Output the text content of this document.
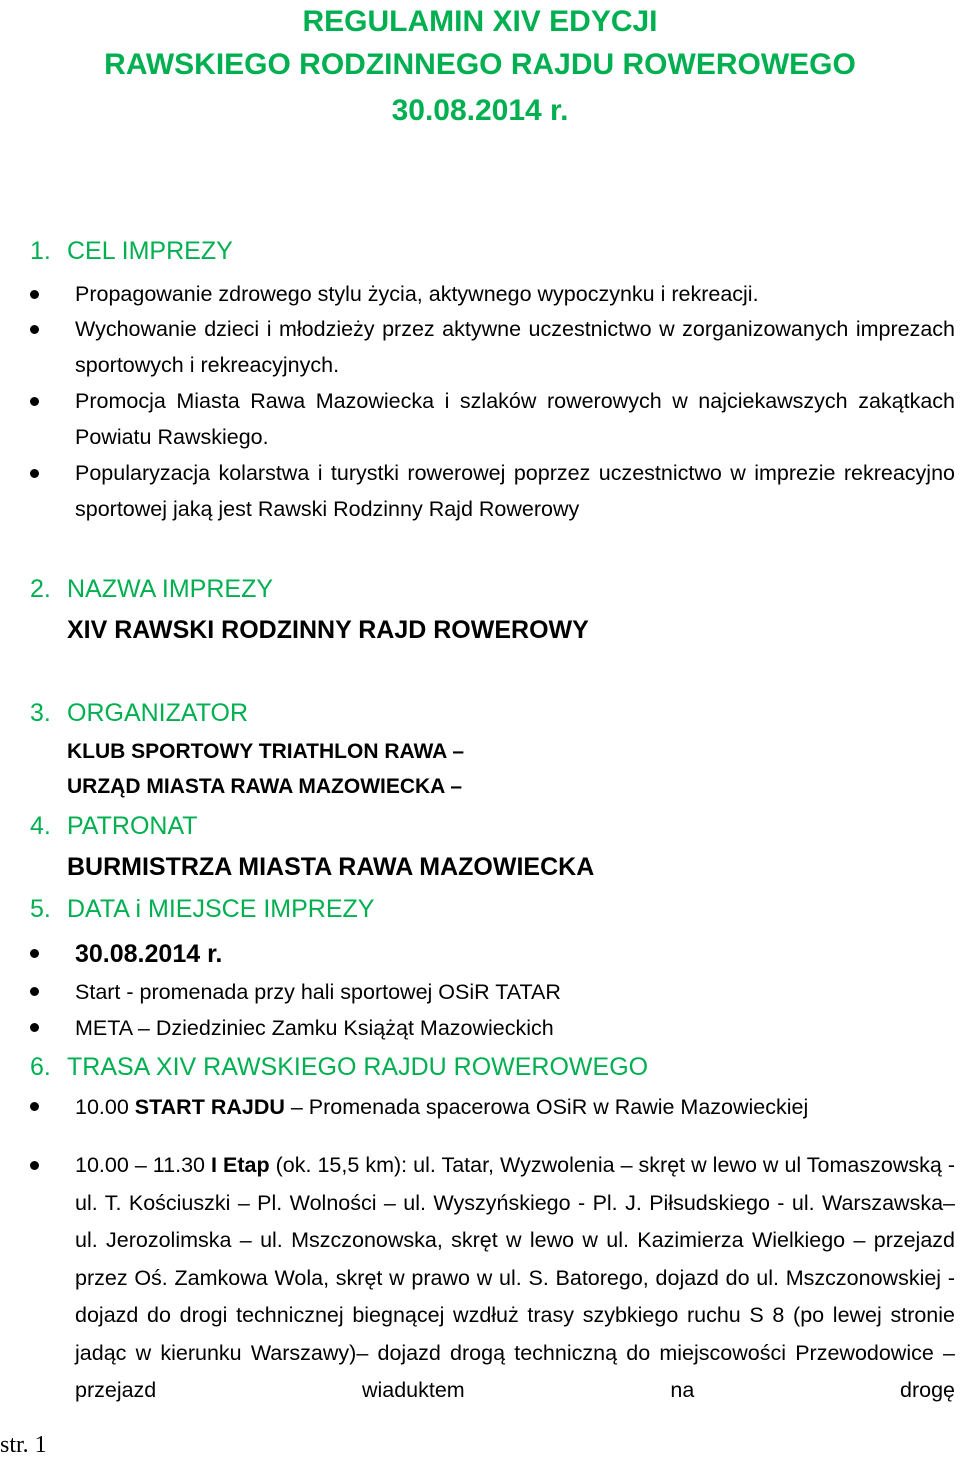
REGULAMIN XIV EDYCJI
RAWSKIEGO RODZINNEGO RAJDU ROWEROWEGO
30.08.2014 r.
1. CEL IMPREZY
Propagowanie zdrowego stylu życia, aktywnego wypoczynku i rekreacji.
Wychowanie dzieci i młodzieży przez aktywne uczestnictwo w zorganizowanych imprezach sportowych i rekreacyjnych.
Promocja Miasta Rawa Mazowiecka i szlaków rowerowych w najciekawszych zakątkach Powiatu Rawskiego.
Popularyzacja kolarstwa i turystki rowerowej poprzez uczestnictwo w imprezie rekreacyjno sportowej jaką jest Rawski Rodzinny Rajd Rowerowy
2. NAZWA IMPREZY
XIV RAWSKI RODZINNY RAJD ROWEROWY
3. ORGANIZATOR
KLUB SPORTOWY TRIATHLON RAWA –
URZĄD MIASTA RAWA MAZOWIECKA –
4. PATRONAT
BURMISTRZA MIASTA RAWA MAZOWIECKA
5. DATA i MIEJSCE IMPREZY
30.08.2014 r.
Start - promenada przy hali sportowej OSiR TATAR
META – Dziedziniec Zamku Książąt Mazowieckich
6. TRASA XIV RAWSKIEGO RAJDU ROWEROWEGO
10.00 START RAJDU – Promenada spacerowa OSiR w Rawie Mazowieckiej
10.00 – 11.30 I Etap (ok. 15,5 km): ul. Tatar, Wyzwolenia – skręt w lewo w ul Tomaszowską - ul. T. Kościuszki – Pl. Wolności – ul. Wyszyńskiego - Pl. J. Piłsudskiego - ul. Warszawska– ul. Jerozolimska – ul. Mszczonowska, skręt w lewo w ul. Kazimierza Wielkiego – przejazd przez Oś. Zamkowa Wola, skręt w prawo w ul. S. Batorego, dojazd do ul. Mszczonowskiej - dojazd do drogi technicznej biegnącej wzdłuż trasy szybkiego ruchu S 8 (po lewej stronie jadąc w kierunku Warszawy)– dojazd drogą techniczną do miejscowości Przewodowice – przejazd wiaduktem na drogę
str. 1
